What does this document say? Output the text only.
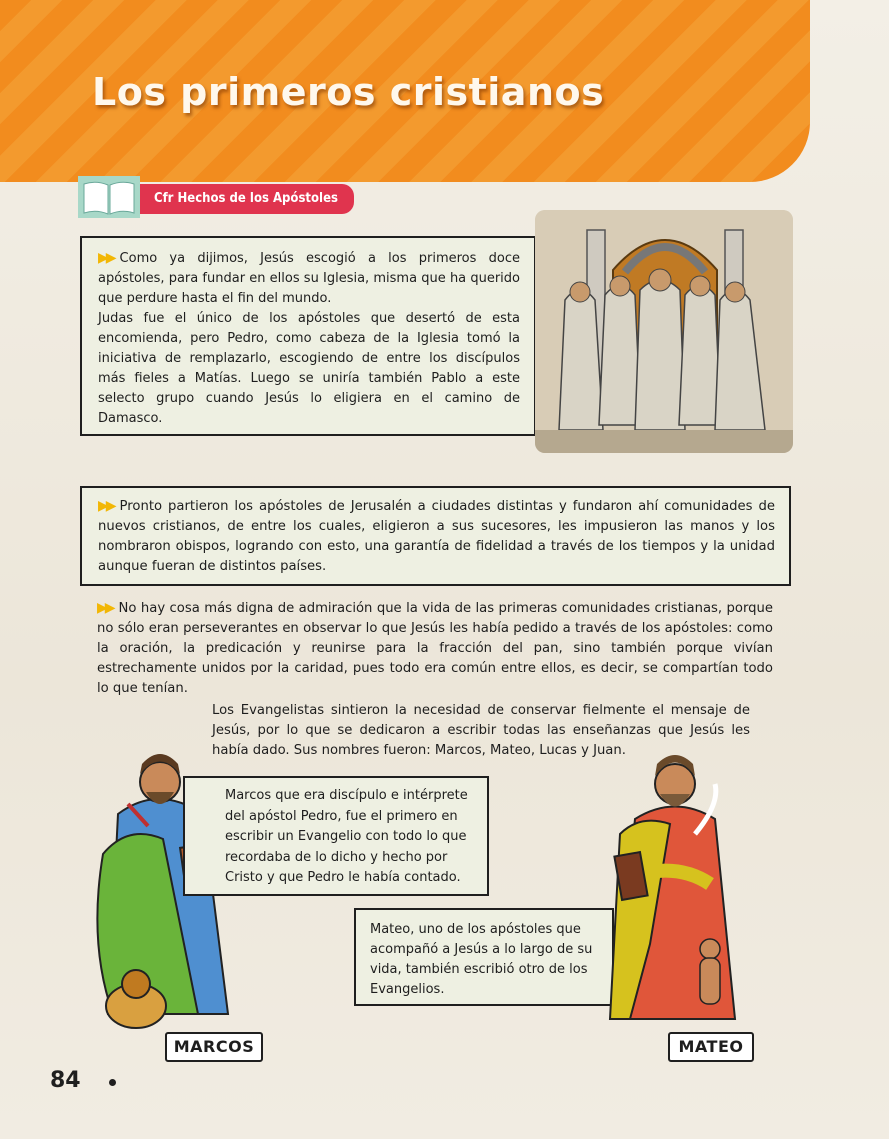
Los primeros cristianos
Cfr Hechos de los Apóstoles
▶▶ Como ya dijimos, Jesús escogió a los primeros doce apóstoles, para fundar en ellos su Iglesia, misma que ha querido que perdure hasta el fin del mundo.
Judas fue el único de los apóstoles que desertó de esta encomienda, pero Pedro, como cabeza de la Iglesia tomó la iniciativa de remplazarlo, escogiendo de entre los discípulos más fieles a Matías. Luego se uniría también Pablo a este selecto grupo cuando Jesús lo eligiera en el camino de Damasco.
▶▶ Pronto partieron los apóstoles de Jerusalén a ciudades distintas y fundaron ahí comunidades de nuevos cristianos, de entre los cuales, eligieron a sus sucesores, les impusieron las manos y los nombraron obispos, logrando con esto, una garantía de fidelidad a través de los tiempos y la unidad aunque fueran de distintos países.

▶▶ No hay cosa más digna de admiración que la vida de las primeras comunidades cristianas, porque no sólo eran perseverantes en observar lo que Jesús les había pedido a través de los apóstoles: como la oración, la predicación y reunirse para la fracción del pan, sino también porque vivían estrechamente unidos por la caridad, pues todo era común entre ellos, es decir, se compartían todo lo que tenían.

Los Evangelistas sintieron la necesidad de conservar fielmente el mensaje de Jesús, por lo que se dedicaron a escribir todas las enseñanzas que Jesús les había dado. Sus nombres fueron: Marcos, Mateo, Lucas y Juan.

Marcos que era discípulo e intérprete del apóstol Pedro, fue el primero en escribir un Evangelio con todo lo que recordaba de lo dicho y hecho por Cristo y que Pedro le había contado.
Mateo, uno de los apóstoles que acompañó a Jesús a lo largo de su vida, también escribió otro de los Evangelios.
MARCOS	MATEO
84
